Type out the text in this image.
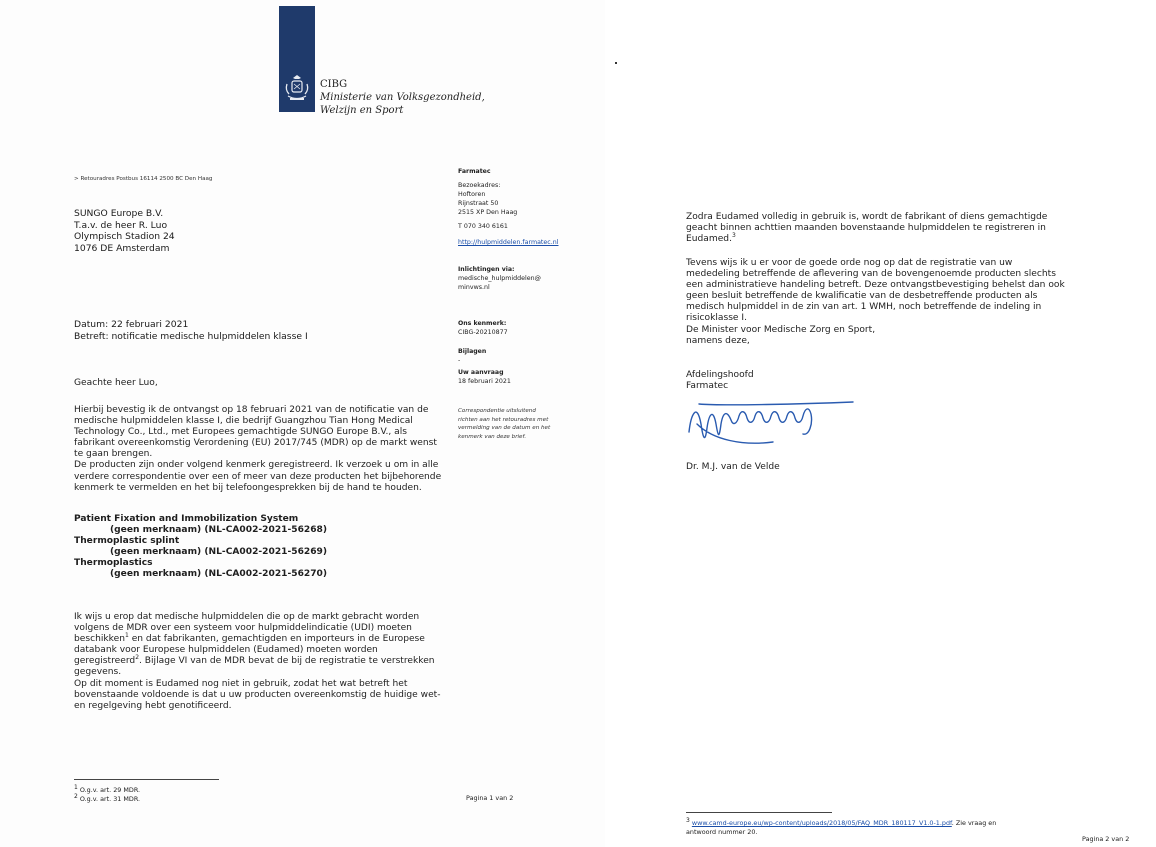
CIBG
Ministerie van Volksgezondheid,
Welzijn en Sport
> Retouradres Postbus 16114 2500 BC Den Haag
SUNGO Europe B.V.
T.a.v. de heer R. Luo
Olympisch Stadion 24
1076 DE Amsterdam
Farmatec
Bezoekadres:
Hoftoren
Rijnstraat 50
2515 XP Den Haag
T 070 340 6161
http://hulpmiddelen.farmatec.nl
Inlichtingen via:
medische_hulpmiddelen@
minvws.nl
Ons kenmerk:
CIBG-20210877
Bijlagen
-
Uw aanvraag
18 februari 2021
Correspondentie uitsluitend
richten aan het retouradres met
vermelding van de datum en het
kenmerk van deze brief.
Datum: 22 februari 2021
Betreft: notificatie medische hulpmiddelen klasse I
Geachte heer Luo,
Hierbij bevestig ik de ontvangst op 18 februari 2021 van de notificatie van de
medische hulpmiddelen klasse I, die bedrijf Guangzhou Tian Hong Medical
Technology Co., Ltd., met Europees gemachtigde SUNGO Europe B.V., als
fabrikant overeenkomstig Verordening (EU) 2017/745 (MDR) op de markt wenst
te gaan brengen.
De producten zijn onder volgend kenmerk geregistreerd. Ik verzoek u om in alle
verdere correspondentie over een of meer van deze producten het bijbehorende
kenmerk te vermelden en het bij telefoongesprekken bij de hand te houden.
Patient Fixation and Immobilization System
(geen merknaam) (NL-CA002-2021-56268)
Thermoplastic splint
(geen merknaam) (NL-CA002-2021-56269)
Thermoplastics
(geen merknaam) (NL-CA002-2021-56270)
Ik wijs u erop dat medische hulpmiddelen die op de markt gebracht worden
volgens de MDR over een systeem voor hulpmiddelindicatie (UDI) moeten
beschikken$^1$ en dat fabrikanten, gemachtigden en importeurs in de Europese
databank voor Europese hulpmiddelen (Eudamed) moeten worden
geregistreerd$^2$. Bijlage VI van de MDR bevat de bij de registratie te verstrekken
gegevens.
Op dit moment is Eudamed nog niet in gebruik, zodat het wat betreft het
bovenstaande voldoende is dat u uw producten overeenkomstig de huidige wet-
en regelgeving hebt genotificeerd.
$^1$ O.g.v. art. 29 MDR.
$^2$ O.g.v. art. 31 MDR.	Pagina 1 van 2
Zodra Eudamed volledig in gebruik is, wordt de fabrikant of diens gemachtigde
geacht binnen achttien maanden bovenstaande hulpmiddelen te registreren in
Eudamed.$^3$
Tevens wijs ik u er voor de goede orde nog op dat de registratie van uw
mededeling betreffende de aflevering van de bovengenoemde producten slechts
een administratieve handeling betreft. Deze ontvangstbevestiging behelst dan ook
geen besluit betreffende de kwalificatie van de desbetreffende producten als
medisch hulpmiddel in de zin van art. 1 WMH, noch betreffende de indeling in
risicoklasse I.
De Minister voor Medische Zorg en Sport,
namens deze,
Afdelingshoofd
Farmatec
Dr. M.J. van de Velde
$^3$ www.camd-europe.eu/wp-content/uploads/2018/05/FAQ_MDR_180117_V1.0-1.pdf. Zie vraag en
antwoord nummer 20.
Pagina 2 van 2
